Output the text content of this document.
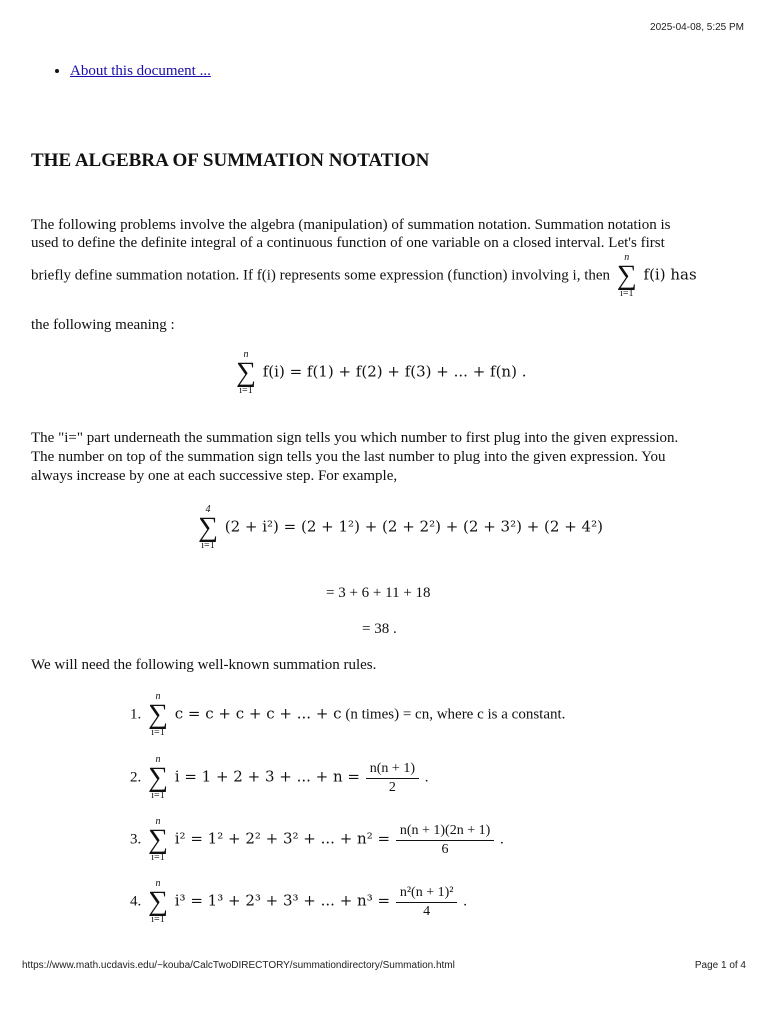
2025-04-08, 5:25 PM
• About this document ...
THE ALGEBRA OF SUMMATION NOTATION

The following problems involve the algebra (manipulation) of summation notation. Summation notation is

used to define the definite integral of a continuous function of one variable on a closed interval. Let's first

briefly define summation notation. If f(i) represents some expression (function) involving i, then
n
∑
i=1
f(i) has

the following meaning :

n
∑
i=1
f(i) = f(1) + f(2) + f(3) + ... + f(n) .

The "i=" part underneath the summation sign tells you which number to first plug into the given expression.

The number on top of the summation sign tells you the last number to plug into the given expression. You

always increase by one at each successive step. For example,

4
∑
i=1
(2 + i²) = (2 + 1²) + (2 + 2²) + (2 + 3²) + (2 + 4²)
= 3 + 6 + 11 + 18
= 38 .

We will need the following well-known summation rules.

1.
n
∑
i=1
c = c + c + c + ... + c (n times) = cn, where c is a constant.
2.
n
∑
i=1
i = 1 + 2 + 3 + ... + $n = \frac{n(n + 1)}{2}$ .
3.
n
∑
i=1
i² = 1² + 2² + 3² + ... + $n^2 = \frac{n(n + 1)(2n + 1)}{6}$ .
4.
n
∑
i=1
i³ = 1³ + 2³ + 3³ + ... + $n^3 = \frac{\text{n²(n + 1)²}}{4}$ .
https://www.math.ucdavis.edu/~kouba/CalcTwoDIRECTORY/summationdirectory/Summation.html	Page 1 of 4
